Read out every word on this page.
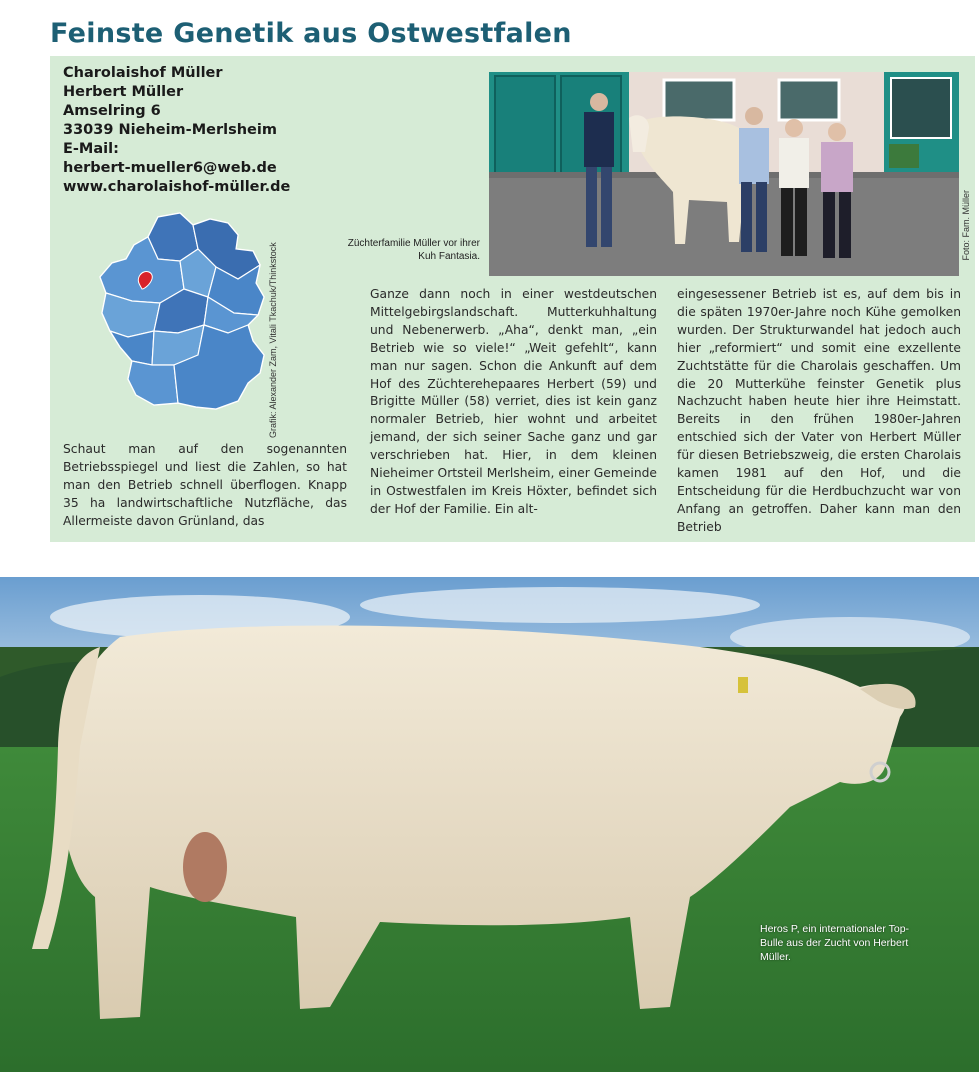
Feinste Genetik aus Ostwestfalen
Charolaishof Müller
Herbert Müller
Amselring 6
33039 Nieheim-Merlsheim
E-Mail:
herbert-mueller6@web.de
www.charolaishof-müller.de
Grafik: Alexander Zam, Vitali Tkachuk/Thinkstock
Foto: Fam. Müller
Züchterfamilie Müller vor ihrer Kuh Fantasia.

Schaut man auf den sogenannten Betriebsspiegel und liest die Zahlen, so hat man den Betrieb schnell überflogen. Knapp 35 ha landwirtschaftliche Nutzfläche, das Allermeiste davon Grünland, das

Ganze dann noch in einer westdeutschen Mittelgebirgslandschaft. Mutterkuhhaltung und Nebenerwerb. „Aha“, denkt man, „ein Betrieb wie so viele!“ „Weit gefehlt“, kann man nur sagen. Schon die Ankunft auf dem Hof des Züchterehepaares Herbert (59) und Brigitte Müller (58) verriet, dies ist kein ganz normaler Betrieb, hier wohnt und arbeitet jemand, der sich seiner Sache ganz und gar verschrieben hat. Hier, in dem kleinen Nieheimer Ortsteil Merlsheim, einer Gemeinde in Ostwestfalen im Kreis Höxter, befindet sich der Hof der Familie. Ein alt-

eingesessener Betrieb ist es, auf dem bis in die späten 1970er-Jahre noch Kühe gemolken wurden. Der Strukturwandel hat jedoch auch hier „reformiert“ und somit eine exzellente Zuchtstätte für die Charolais geschaffen. Um die 20 Mutterkühe feinster Genetik plus Nachzucht haben heute hier ihre Heimstatt. Bereits in den frühen 1980er-Jahren entschied sich der Vater von Herbert Müller für diesen Betriebszweig, die ersten Charolais kamen 1981 auf den Hof, und die Entscheidung für die Herdbuchzucht war von Anfang an getroffen. Daher kann man den Betrieb

Heros P, ein internationaler Top-Bulle aus der Zucht von Herbert Müller.
